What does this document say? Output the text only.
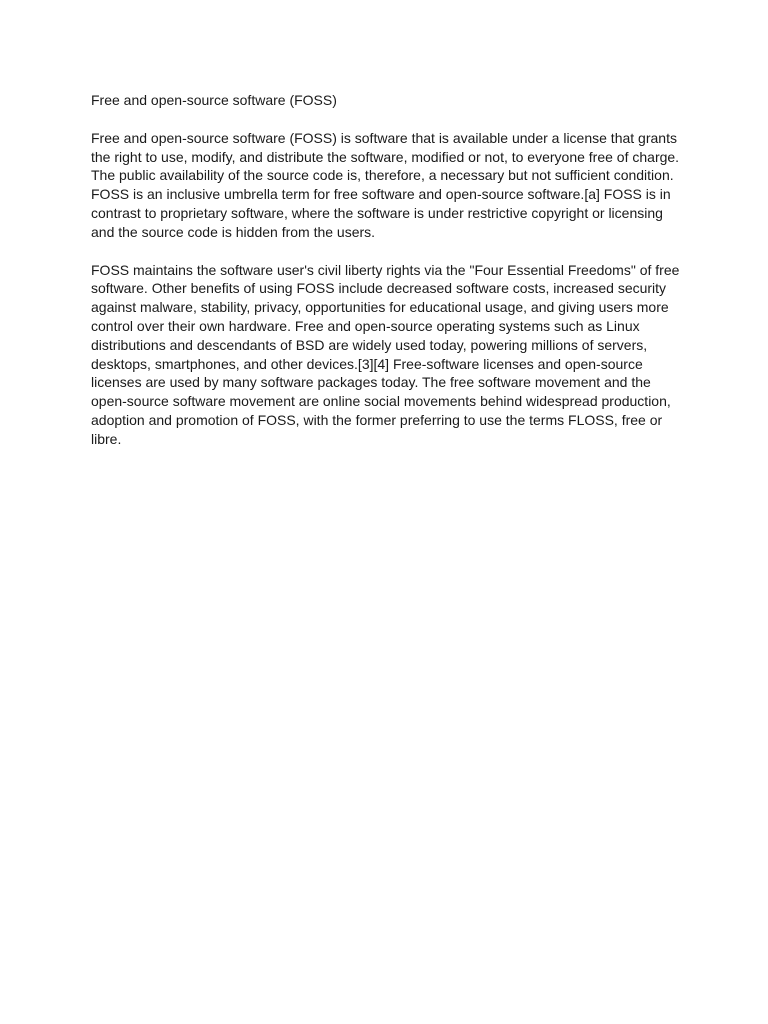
Free and open-source software (FOSS)

Free and open-source software (FOSS) is software that is available under a license that grants the right to use, modify, and distribute the software, modified or not, to everyone free of charge. The public availability of the source code is, therefore, a necessary but not sufficient condition. FOSS is an inclusive umbrella term for free software and open-source software.[a] FOSS is in contrast to proprietary software, where the software is under restrictive copyright or licensing and the source code is hidden from the users.

FOSS maintains the software user's civil liberty rights via the "Four Essential Freedoms" of free software. Other benefits of using FOSS include decreased software costs, increased security against malware, stability, privacy, opportunities for educational usage, and giving users more control over their own hardware. Free and open-source operating systems such as Linux distributions and descendants of BSD are widely used today, powering millions of servers, desktops, smartphones, and other devices.[3][4] Free-software licenses and open-source licenses are used by many software packages today. The free software movement and the open-source software movement are online social movements behind widespread production, adoption and promotion of FOSS, with the former preferring to use the terms FLOSS, free or libre.
